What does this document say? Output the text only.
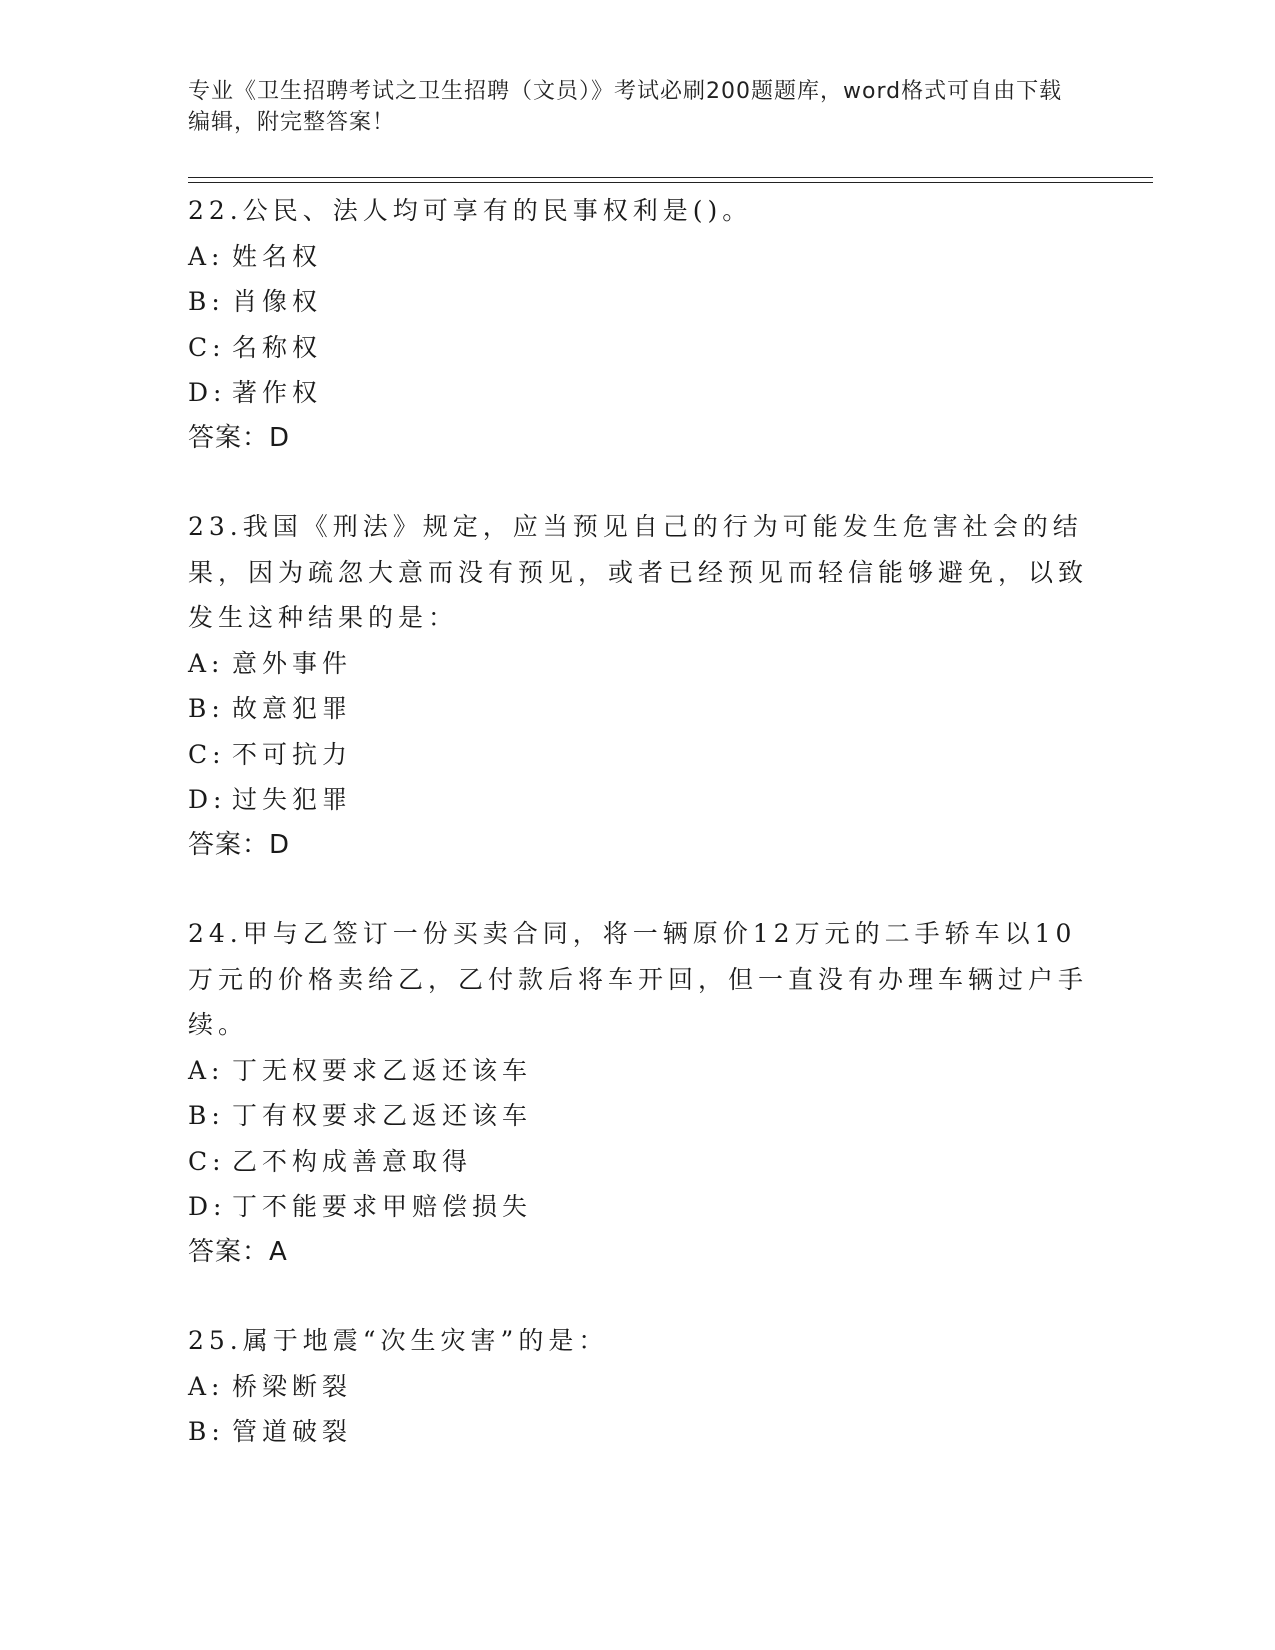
专业《卫生招聘考试之卫生招聘（文员）》考试必刷200题题库，word格式可自由下载编辑，附完整答案！

22.公民、法人均可享有的民事权利是()。

A: 姓名权

B: 肖像权

C: 名称权

D: 著作权

答案：D

23.我国《刑法》规定，应当预见自己的行为可能发生危害社会的结果，因为疏忽大意而没有预见，或者已经预见而轻信能够避免，以致发生这种结果的是：

A: 意外事件

B: 故意犯罪

C: 不可抗力

D: 过失犯罪

答案：D

24.甲与乙签订一份买卖合同，将一辆原价12万元的二手轿车以10万元的价格卖给乙，乙付款后将车开回，但一直没有办理车辆过户手续。

A: 丁无权要求乙返还该车

B: 丁有权要求乙返还该车

C: 乙不构成善意取得

D: 丁不能要求甲赔偿损失

答案：A

25.属于地震“次生灾害”的是：

A: 桥梁断裂

B: 管道破裂
